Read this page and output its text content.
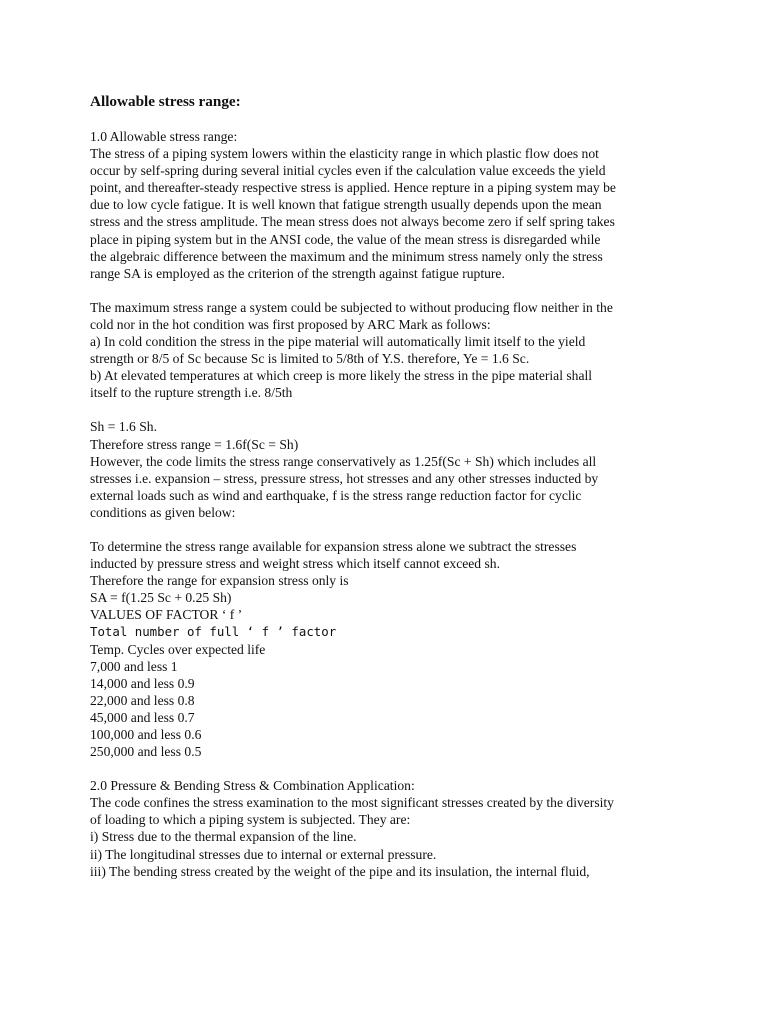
Allowable stress range:
1.0 Allowable stress range:
The stress of a piping system lowers within the elasticity range in which plastic flow does not
occur by self-spring during several initial cycles even if the calculation value exceeds the yield
point, and thereafter-steady respective stress is applied. Hence repture in a piping system may be
due to low cycle fatigue. It is well known that fatigue strength usually depends upon the mean
stress and the stress amplitude. The mean stress does not always become zero if self spring takes
place in piping system but in the ANSI code, the value of the mean stress is disregarded while
the algebraic difference between the maximum and the minimum stress namely only the stress
range SA is employed as the criterion of the strength against fatigue rupture.
The maximum stress range a system could be subjected to without producing flow neither in the
cold nor in the hot condition was first proposed by ARC Mark as follows:
a) In cold condition the stress in the pipe material will automatically limit itself to the yield
strength or 8/5 of Sc because Sc is limited to 5/8th of Y.S. therefore, Ye = 1.6 Sc.
b) At elevated temperatures at which creep is more likely the stress in the pipe material shall
itself to the rupture strength i.e. 8/5th
Sh = 1.6 Sh.
Therefore stress range = 1.6f(Sc = Sh)
However, the code limits the stress range conservatively as 1.25f(Sc + Sh) which includes all
stresses i.e. expansion – stress, pressure stress, hot stresses and any other stresses inducted by
external loads such as wind and earthquake, f is the stress range reduction factor for cyclic
conditions as given below:
To determine the stress range available for expansion stress alone we subtract the stresses
inducted by pressure stress and weight stress which itself cannot exceed sh.
Therefore the range for expansion stress only is
SA = f(1.25 Sc + 0.25 Sh)
VALUES OF FACTOR ‘ f ’
Total number of full ‘ f ’ factor
Temp. Cycles over expected life
7,000 and less 1
14,000 and less 0.9
22,000 and less 0.8
45,000 and less 0.7
100,000 and less 0.6
250,000 and less 0.5
2.0 Pressure & Bending Stress & Combination Application:
The code confines the stress examination to the most significant stresses created by the diversity
of loading to which a piping system is subjected. They are:
i) Stress due to the thermal expansion of the line.
ii) The longitudinal stresses due to internal or external pressure.
iii) The bending stress created by the weight of the pipe and its insulation, the internal fluid,
